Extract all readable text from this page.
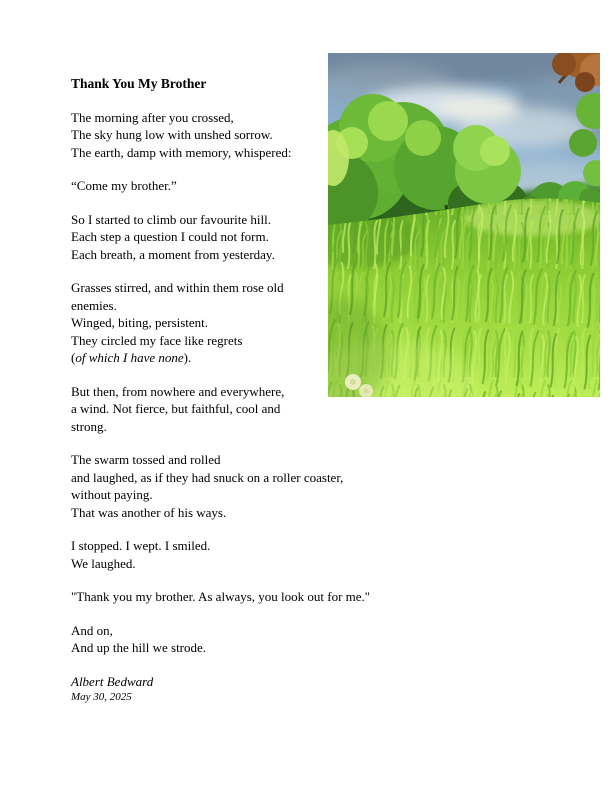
Thank You My Brother

The morning after you crossed,
The sky hung low with unshed sorrow.
The earth, damp with memory, whispered:

“Come my brother.”

So I started to climb our favourite hill.
Each step a question I could not form.
Each breath, a moment from yesterday.

Grasses stirred, and within them rose old
enemies.
Winged, biting, persistent.
They circled my face like regrets
(of which I have none).

But then, from nowhere and everywhere,
a wind. Not fierce, but faithful, cool and
strong.

The swarm tossed and rolled
and laughed, as if they had snuck on a roller coaster,
without paying.
That was another of his ways.

I stopped. I wept. I smiled.
We laughed.

"Thank you my brother. As always, you look out for me."

And on,
And up the hill we strode.

Albert Bedward
May 30, 2025
